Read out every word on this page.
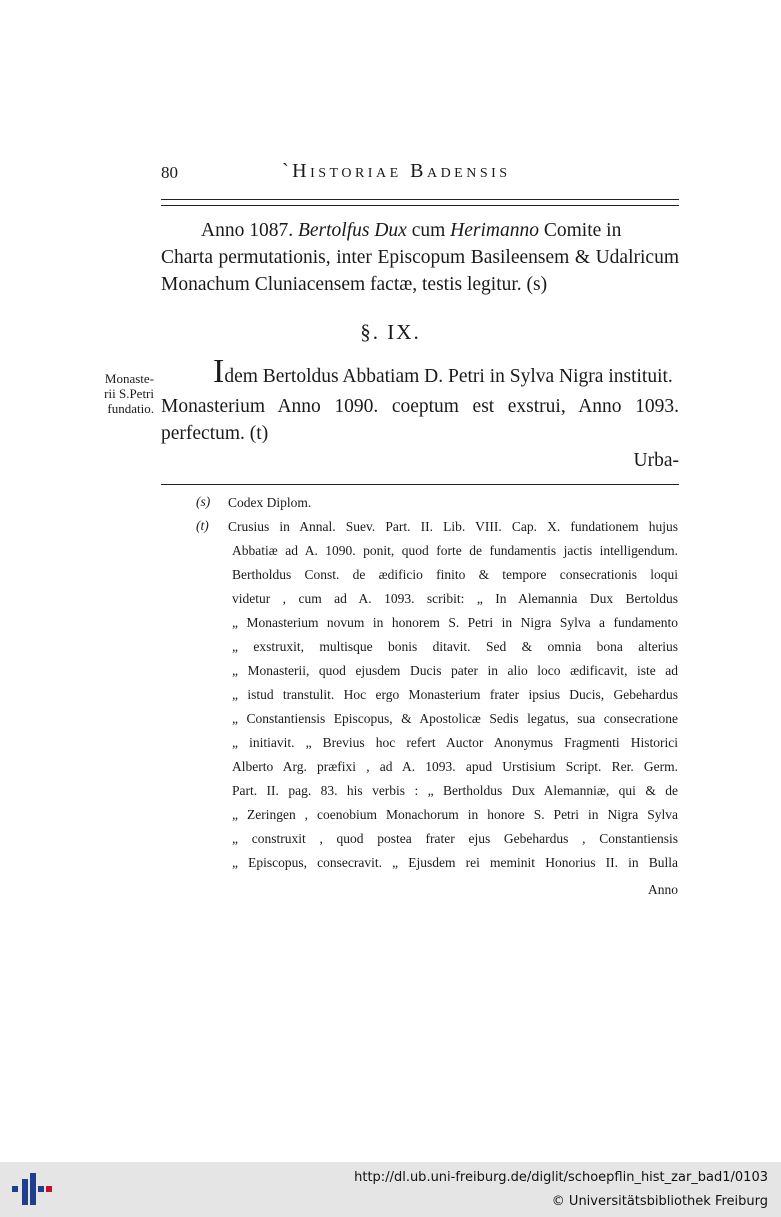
80	`Historiae Badensis
Anno 1087. Bertolfus Dux cum Herimanno Comite in
Charta permutationis, inter Episcopum Basileensem & Udalricum
Monachum Cluniacensem factæ, testis legitur. (s)
§. IX.
Monaste-
rii S.Petri
fundatio.
Idem Bertoldus Abbatiam D. Petri in Sylva Nigra instituit.
Monasterium Anno 1090. coeptum est exstrui, Anno 1093.
perfectum. (t)
Urba-
(s) Codex Diplom.
(t) Crusius in Annal. Suev. Part. II. Lib. VIII. Cap. X. fundationem hujus
Abbatiæ ad A. 1090. ponit, quod forte de fundamentis jactis intelligendum.
Bertholdus Const. de ædificio finito & tempore consecrationis loqui
videtur , cum ad A. 1093. scribit: „ In Alemannia Dux Bertoldus
„ Monasterium novum in honorem S. Petri in Nigra Sylva a fundamento
„ exstruxit, multisque bonis ditavit. Sed & omnia bona alterius
„ Monasterii, quod ejusdem Ducis pater in alio loco ædificavit, iste ad
„ istud transtulit. Hoc ergo Monasterium frater ipsius Ducis, Gebehardus
„ Constantiensis Episcopus, & Apostolicæ Sedis legatus, sua consecratione
„ initiavit. „ Brevius hoc refert Auctor Anonymus Fragmenti Historici
Alberto Arg. præfixi , ad A. 1093. apud Urstisium Script. Rer. Germ.
Part. II. pag. 83. his verbis : „ Bertholdus Dux Alemanniæ, qui & de
„ Zeringen , coenobium Monachorum in honore S. Petri in Nigra Sylva
„ construxit , quod postea frater ejus Gebehardus , Constantiensis
„ Episcopus, consecravit. „ Ejusdem rei meminit Honorius II. in Bulla
Anno
http://dl.ub.uni-freiburg.de/diglit/schoepflin_hist_zar_bad1/0103
© Universitätsbibliothek Freiburg
